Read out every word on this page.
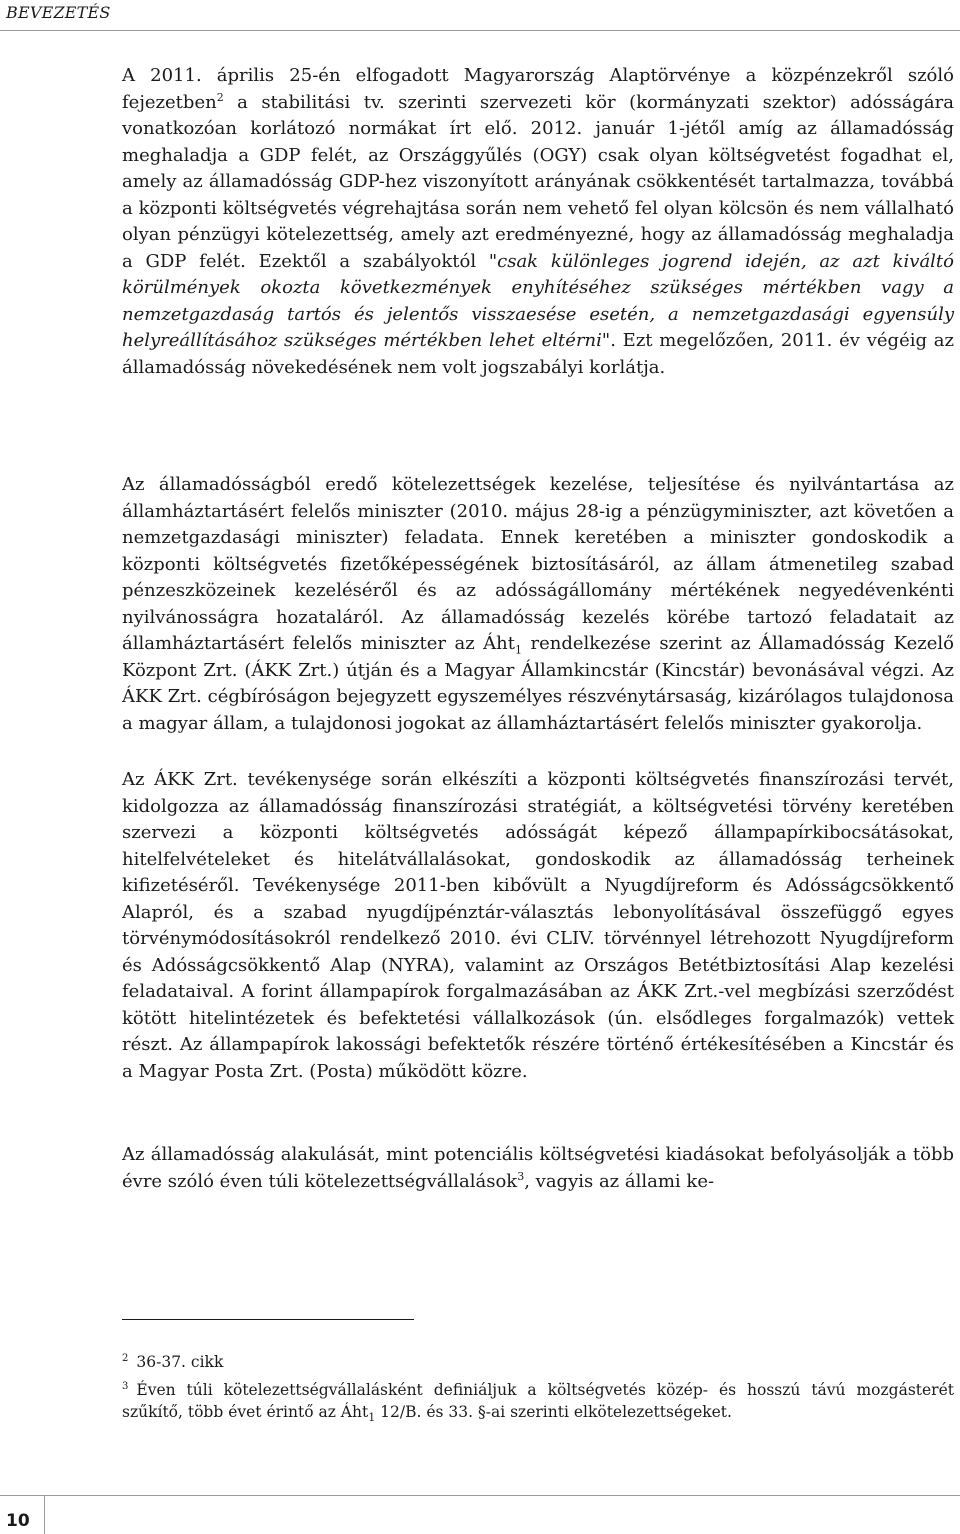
BEVEZETÉS

A 2011. április 25-én elfogadott Magyarország Alaptörvénye a közpénzekről szóló fejezetben$^2$ a stabilitási tv. szerinti szervezeti kör (kormányzati szektor) adósságára vonatkozóan korlátozó normákat írt elő. 2012. január 1-jétől amíg az államadósság meghaladja a GDP felét, az Országgyűlés (OGY) csak olyan költségvetést fogadhat el, amely az államadósság GDP-hez viszonyított arányának csökkentését tartalmazza, továbbá a központi költségvetés végrehajtása során nem vehető fel olyan kölcsön és nem vállalható olyan pénzügyi kötelezettség, amely azt eredményezné, hogy az államadósság meghaladja a GDP felét. Ezektől a szabályoktól "csak különleges jogrend idején, az azt kiváltó körülmények okozta következmények enyhítéséhez szükséges mértékben vagy a nemzetgazdaság tartós és jelentős visszaesése esetén, a nemzetgazdasági egyensúly helyreállításához szükséges mértékben lehet eltérni". Ezt megelőzően, 2011. év végéig az államadósság növekedésének nem volt jogszabályi korlátja.

Az államadósságból eredő kötelezettségek kezelése, teljesítése és nyilvántartása az államháztartásért felelős miniszter (2010. május 28-ig a pénzügyminiszter, azt követően a nemzetgazdasági miniszter) feladata. Ennek keretében a miniszter gondoskodik a központi költségvetés fizetőképességének biztosításáról, az állam átmenetileg szabad pénzeszközeinek kezeléséről és az adósságállomány mértékének negyedévenkénti nyilvánosságra hozataláról. Az államadósság kezelés körébe tartozó feladatait az államháztartásért felelős miniszter az Áht$_1$ rendelkezése szerint az Államadósság Kezelő Központ Zrt. (ÁKK Zrt.) útján és a Magyar Államkincstár (Kincstár) bevonásával végzi. Az ÁKK Zrt. cégbíróságon bejegyzett egyszemélyes részvénytársaság, kizárólagos tulajdonosa a magyar állam, a tulajdonosi jogokat az államháztartásért felelős miniszter gyakorolja.

Az ÁKK Zrt. tevékenysége során elkészíti a központi költségvetés finanszírozási tervét, kidolgozza az államadósság finanszírozási stratégiát, a költségvetési törvény keretében szervezi a központi költségvetés adósságát képező állampapírkibocsátásokat, hitelfelvételeket és hitelátvállalásokat, gondoskodik az államadósság terheinek kifizetéséről. Tevékenysége 2011-ben kibővült a Nyugdíjreform és Adósságcsökkentő Alapról, és a szabad nyugdíjpénztár-választás lebonyolításával összefüggő egyes törvénymódosításokról rendelkező 2010. évi CLIV. törvénnyel létrehozott Nyugdíjreform és Adósságcsökkentő Alap (NYRA), valamint az Országos Betétbiztosítási Alap kezelési feladataival. A forint állampapírok forgalmazásában az ÁKK Zrt.-vel megbízási szerződést kötött hitelintézetek és befektetési vállalkozások (ún. elsődleges forgalmazók) vettek részt. Az állampapírok lakossági befektetők részére történő értékesítésében a Kincstár és a Magyar Posta Zrt. (Posta) működött közre.

Az államadósság alakulását, mint potenciális költségvetési kiadásokat befolyásolják a több évre szóló éven túli kötelezettségvállalások$^3$, vagyis az állami ke-

$^2$ 36-37. cikk

$^3$ Éven túli kötelezettségvállalásként definiáljuk a költségvetés közép- és hosszú távú mozgásterét szűkítő, több évet érintő az Áht$_1$ 12/B. és 33. §-ai szerinti elkötelezettségeket.

10
